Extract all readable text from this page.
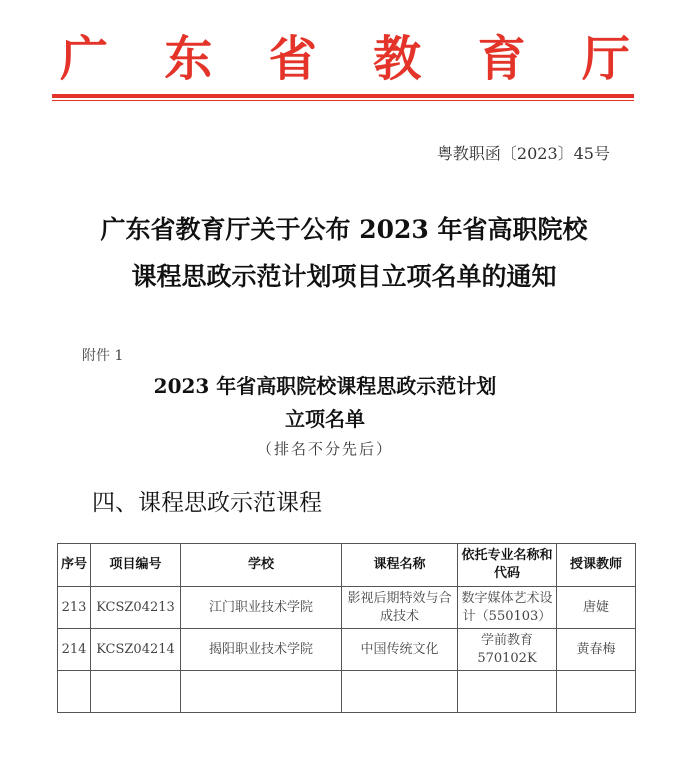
广 东 省 教 育 厅
粤教职函〔2023〕45号
广东省教育厅关于公布 2023 年省高职院校
课程思政示范计划项目立项名单的通知
附件 1
2023 年省高职院校课程思政示范计划
立项名单
（排名不分先后）
四、课程思政示范课程
序号	项目编号	学校	课程名称	依托专业名称和代码	授课教师
213	KCSZ04213	江门职业技术学院	影视后期特效与合成技术	数字媒体艺术设计（550103）	唐婕
214	KCSZ04214	揭阳职业技术学院	中国传统文化	学前教育 570102K	黄春梅
